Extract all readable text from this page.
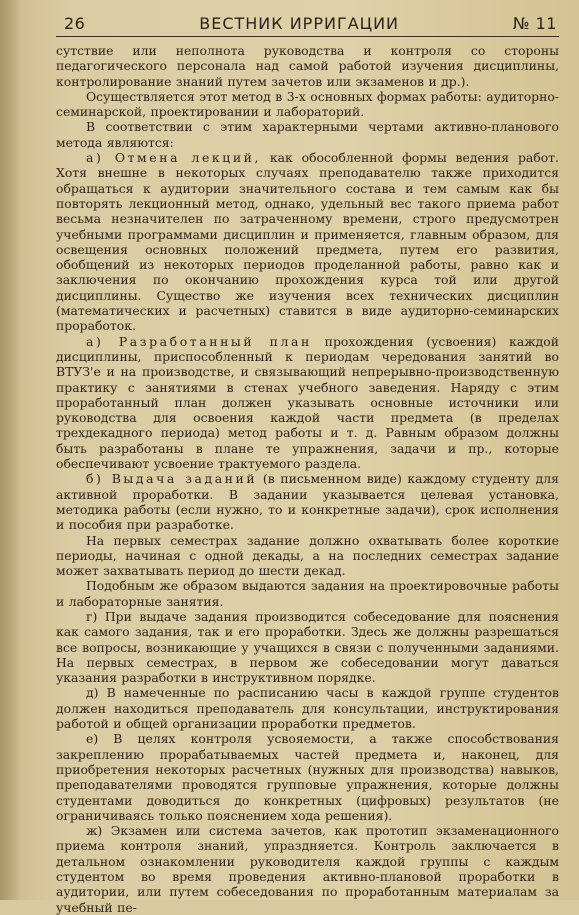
26	ВЕСТНИК ИРРИГАЦИИ	№ 11

сутствие или неполнота руководства и контроля со стороны педагогического персонала над самой работой изучения дисциплины, контролирование знаний путем зачетов или экзаменов и др.).

Осуществляется этот метод в 3-х основных формах работы: аудиторно-семинарской, проектировании и лабораторий.

В соответствии с этим характерными чертами активно-планового метода являются:

а) Отмена лекций, как обособленной формы ведения работ. Хотя внешне в некоторых случаях преподавателю также приходится обращаться к аудитории значительного состава и тем самым как бы повторять лекционный метод, однако, удельный вес такого приема работ весьма незначителен по затраченному времени, строго предусмотрен учебными программами дисциплин и применяется, главным образом, для освещения основных положений предмета, путем его развития, обобщений из некоторых периодов проделанной работы, равно как и заключения по окончанию прохождения курса той или другой дисциплины. Существо же изучения всех технических дисциплин (математических и расчетных) ставится в виде аудиторно-семинарских проработок.

а) Разработанный план прохождения (усвоения) каждой дисциплины, приспособленный к периодам чередования занятий во ВТУЗ'е и на производстве, и связывающий непрерывно-производственную практику с занятиями в стенах учебного заведения. Наряду с этим проработанный план должен указывать основные источники или руководства для освоения каждой части предмета (в пределах трехдекадного периода) метод работы и т. д. Равным образом должны быть разработаны в плане те упражнения, задачи и пр., которые обеспечивают усвоение трактуемого раздела.

б) Выдача заданий (в письменном виде) каждому студенту для активной проработки. В задании указывается целевая установка, методика работы (если нужно, то и конкретные задачи), срок исполнения и пособия при разработке.

На первых семестрах задание должно охватывать более короткие периоды, начиная с одной декады, а на последних семестрах задание может захватывать период до шести декад.

Подобным же образом выдаются задания на проектировочные работы и лабораторные занятия.

г) При выдаче задания производится собеседование для пояснения как самого задания, так и его проработки. Здесь же должны разрешаться все вопросы, возникающие у учащихся в связи с полученными заданиями. На первых семестрах, в первом же собеседовании могут даваться указания разработки в инструктивном порядке.

д) В намеченные по расписанию часы в каждой группе студентов должен находиться преподаватель для консультации, инструктирования работой и общей организации проработки предметов.

е) В целях контроля усвояемости, а также способствования закреплению прорабатываемых частей предмета и, наконец, для приобретения некоторых расчетных (нужных для производства) навыков, преподавателями проводятся групповые упражнения, которые должны студентами доводиться до конкретных (цифровых) результатов (не ограничиваясь только пояснением хода решения).

ж) Экзамен или система зачетов, как прототип экзаменационного приема контроля знаний, упраздняется. Контроль заключается в детальном ознакомлении руководителя каждой группы с каждым студентом во время проведения активно-плановой проработки в аудитории, или путем собеседования по проработанным материалам за учебный пе-
